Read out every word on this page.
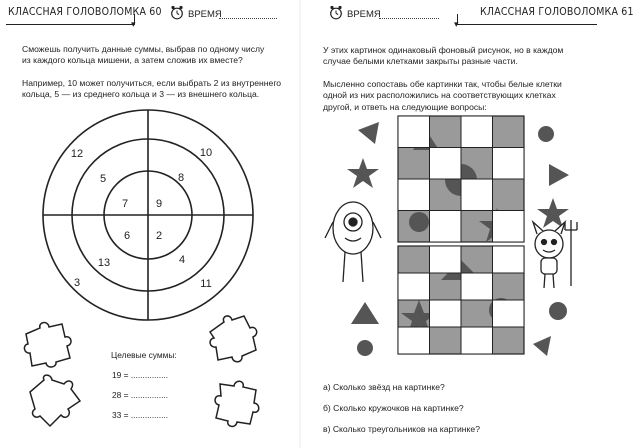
КЛАССНАЯ ГОЛОВОЛОМКА 60
▾
ВРЕМЯ
Сможешь получить данные суммы, выбрав по одному числу
из каждого кольца мишени, а затем сложив их вместе?
Например, 10 может получиться, если выбрать 2 из внутреннего
кольца, 5 — из среднего кольца и 3 — из внешнего кольца.
7	9
6 2
5	8
13	4
12	10
3	11
Целевые суммы:
19 = ................
28 = ................
33 = ................
ВРЕМЯ
▾
КЛАССНАЯ ГОЛОВОЛОМКА 61
У этих картинок одинаковый фоновый рисунок, но в каждом
случае белыми клетками закрыты разные части.
Мысленно сопоставь обе картинки так, чтобы белые клетки
одной из них расположились на соответствующих клетках
другой, и ответь на следующие вопросы:
а) Сколько звёзд на картинке?
б) Сколько кружочков на картинке?
в) Сколько треугольников на картинке?
